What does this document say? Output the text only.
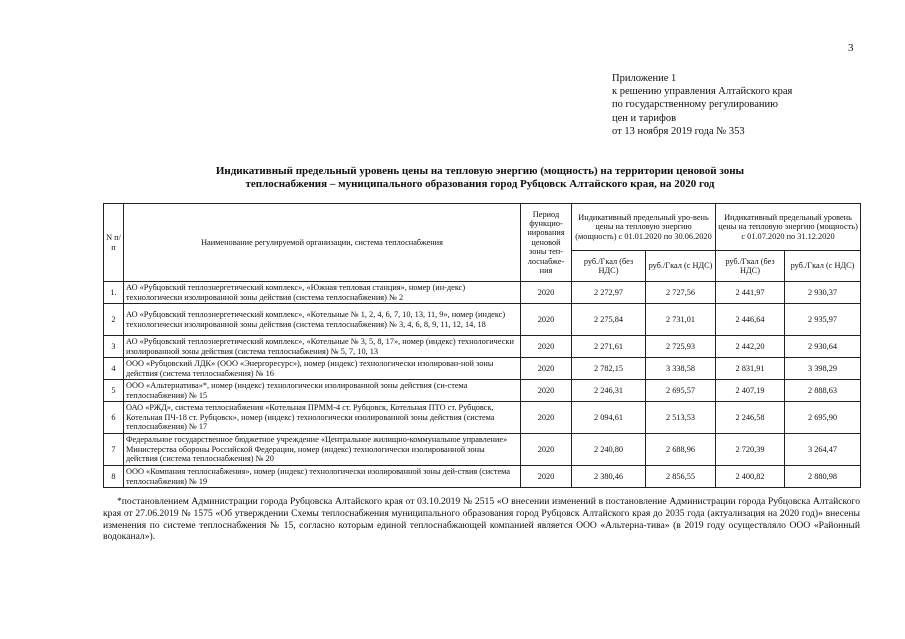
3
Приложение 1
к решению управления Алтайского края
по государственному регулированию
цен и тарифов
от 13 ноября 2019 года № 353
Индикативный предельный уровень цены на тепловую энергию (мощность) на территории ценовой зоны
теплоснабжения – муниципального образования город Рубцовск Алтайского края, на 2020 год
N п/ п	Наименование регулируемой организации, система теплоснабжения	Период функцио-нирования ценовой зоны теп-лоснабже-ния	Индикативный предельный уро-вень цены на тепловую энергию (мощность) с 01.01.2020 по 30.06.2020		Индикативный предельный уровень цены на тепловую энергию (мощность) с 01.07.2020 по 31.12.2020	
			руб./Гкал (без НДС)	руб./Гкал (с НДС)	руб./Гкал (без НДС)	руб./Гкал (с НДС)
1.	АО «Рубцовский теплоэнергетический комплекс», «Южная тепловая станция», номер (ин-декс) технологически изолированной зоны действия (система теплоснабжения) № 2	2020	2 272,97	2 727,56	2 441,97	2 930,37
2	АО «Рубцовский теплоэнергетический комплекс», «Котельные № 1, 2, 4, 6, 7, 10, 13, 11, 9», номер (индекс) технологически изолированной зоны действия (система теплоснабжения) № 3, 4, 6, 8, 9, 11, 12, 14, 18	2020	2 275,84	2 731,01	2 446,64	2 935,97
3	АО «Рубцовский теплоэнергетический комплекс», «Котельные № 3, 5, 8, 17», номер (индекс) технологически изолированной зоны действия (система теплоснабжения) № 5, 7, 10, 13	2020	2 271,61	2 725,93	2 442,20	2 930,64
4	ООО «Рубцовский ЛДК» (ООО «Энергоресурс»), номер (индекс) технологически изолирован-ной зоны действия (система теплоснабжения) № 16	2020	2 782,15	3 338,58	2 831,91	3 398,29
5	ООО «Альтернатива»*, номер (индекс) технологически изолированной зоны действия (си-стема теплоснабжения) № 15	2020	2 246,31	2 695,57	2 407,19	2 888,63
6	ОАО «РЖД», система теплоснабжения «Котельная ПРМM-4 ст. Рубцовск, Котельная ПТО ст. Рубцовск, Котельная ПЧ-18 ст. Рубцовск», номер (индекс) технологически изолированной зоны действия (система теплоснабжения) № 17	2020	2 094,61	2 513,53	2 246,58	2 695,90
7	Федеральное государственное бюджетное учреждение «Центральное жилищно-коммунальное управление» Министерства обороны Российской Федерации, номер (индекс) технологически изолированной зоны действия (система теплоснабжения) № 20	2020	2 240,80	2 688,96	2 720,39	3 264,47
8	ООО «Компания теплоснабжения», номер (индекс) технологически изолированной зоны дей-ствия (система теплоснабжения) № 19	2020	2 380,46	2 856,55	2 400,82	2 880,98
*постановлением Администрации города Рубцовска Алтайского края от 03.10.2019 № 2515 «О внесении изменений в постановление Администрации города Рубцовска Алтайского края от 27.06.2019 № 1575 «Об утверждении Схемы теплоснабжения муниципального образования город Рубцовск Алтайского края до 2035 года (актуализация на 2020 год)» внесены изменения по системе теплоснабжения № 15, согласно которым единой теплоснабжающей компанией является ООО «Альтерна-тива» (в 2019 году осуществляло ООО «Районный водоканал»).
